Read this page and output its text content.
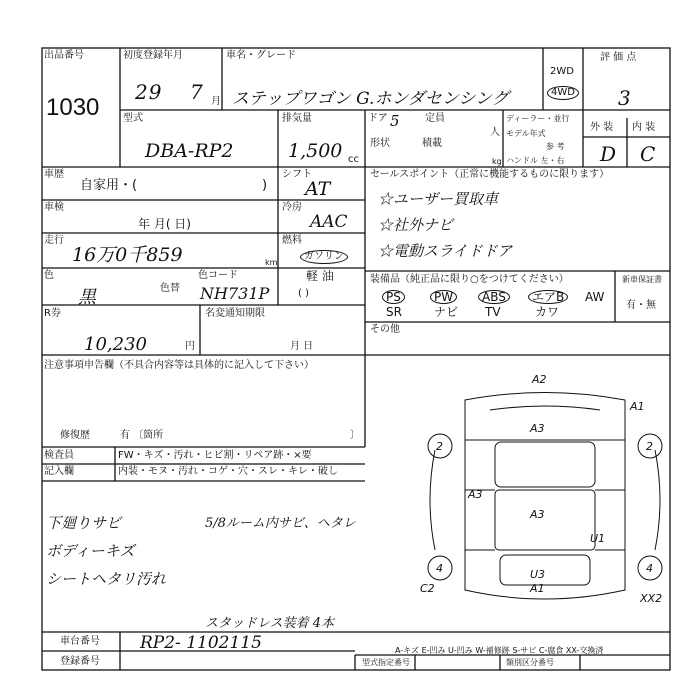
出品番号
1030
初度登録年月
29 7 月
車名・グレード
ステップワゴン G.ホンダセンシング
2WD
4WD
評 価 点
3
型式
DBA-RP2
排気量
1,500 cc
ドア 5	定員
人
形状	積載
kg
ディーラー・並行
モデル年式
参 考
ハンドル 左・右
外 装 内 装
D C
車歴
自家用・(	)
シフト
AT
車検
年 月( 日)
冷房
AAC
走行
16万0千859	km
燃料
ガソリン
軽 油
( )
色
黒	色替
色コード
NH731P
R券
10,230	円
名変通知期限
月 日
セールスポイント（正常に機能するものに限ります）
☆ユーザー買取車
☆社外ナビ
☆電動スライドドア
装備品（純正品に限り○をつけてください）
PS	PW	ABS	エアB	AW
SR	ナビ TV	カワ
新車保証書
有・無
その他
注意事項申告欄（不具合内容等は具体的に記入して下さい）
修復歴	有 〔箇所	〕
検査員
記入欄
FW・キズ・汚れ・ヒビ割・リペア跡・×要
内装・モヌ・汚れ・コゲ・穴・スレ・キレ・破し
下廻りサビ
ボディーキズ
シートヘタリ汚れ
5/8ルーム内サビ、ヘタレ
スタッドレス装着 4本
2	2
4	4
A2
A1
A3
A3
A3
U3
A1
U1
C2
XX2
A-キズ E-凹み U-凹み W-補修跡 S-サビ C-腐食 XX-交換済
車台番号 RP2- 1102115
登録番号	型式指定番号	類別区分番号
